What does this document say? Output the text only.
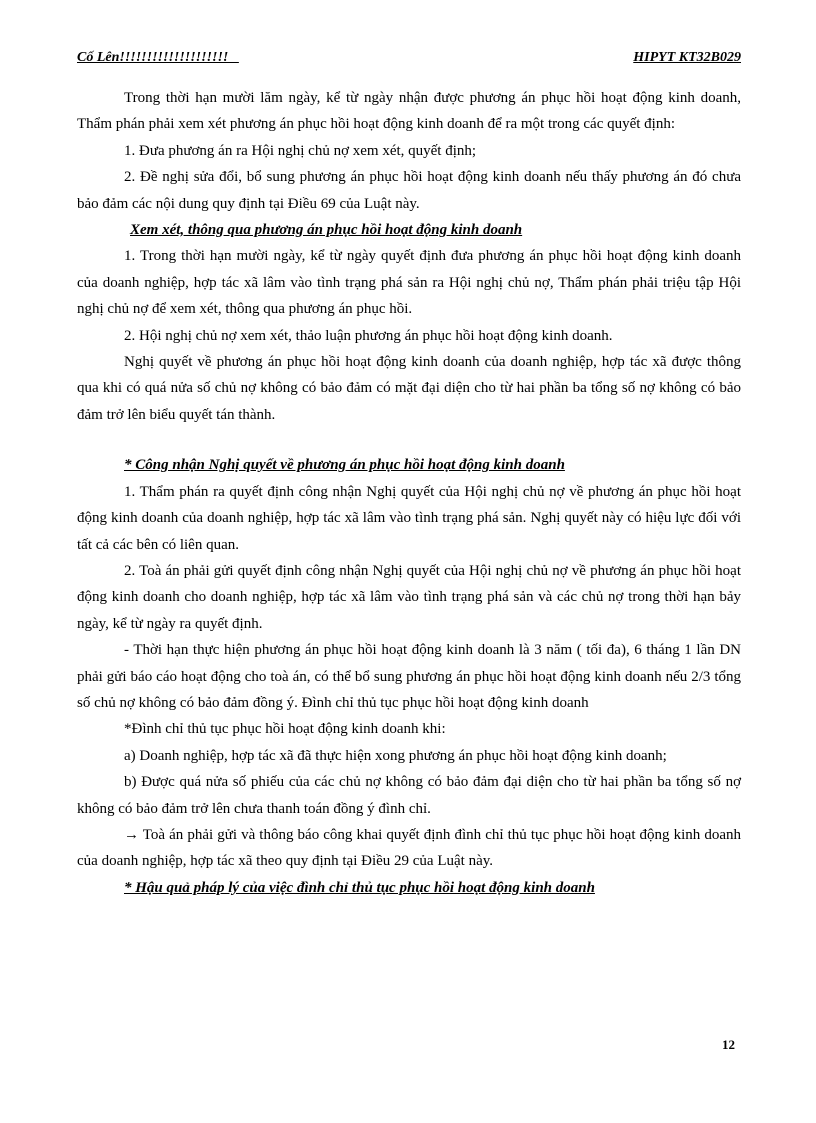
Cố Lên!!!!!!!!!!!!!!!!!!!!	HIPYT KT32B029

Trong thời hạn mười lăm ngày, kể từ ngày nhận được phương án phục hồi hoạt động kinh doanh, Thẩm phán phải xem xét phương án phục hồi hoạt động kinh doanh để ra một trong các quyết định:

1. Đưa phương án ra Hội nghị chủ nợ xem xét, quyết định;

2. Đề nghị sửa đổi, bổ sung phương án phục hồi hoạt động kinh doanh nếu thấy phương án đó chưa bảo đảm các nội dung quy định tại Điều 69 của Luật này.

Xem xét, thông qua phương án phục hồi hoạt động kinh doanh

1. Trong thời hạn mười ngày, kể từ ngày quyết định đưa phương án phục hồi hoạt động kinh doanh của doanh nghiệp, hợp tác xã lâm vào tình trạng phá sản ra Hội nghị chủ nợ, Thẩm phán phải triệu tập Hội nghị chủ nợ để xem xét, thông qua phương án phục hồi.

2. Hội nghị chủ nợ xem xét, thảo luận phương án phục hồi hoạt động kinh doanh.

Nghị quyết về phương án phục hồi hoạt động kinh doanh của doanh nghiệp, hợp tác xã được thông qua khi có quá nửa số chủ nợ không có bảo đảm có mặt đại diện cho từ hai phần ba tổng số nợ không có bảo đảm trở lên biểu quyết tán thành.

* Công nhận Nghị quyết về phương án phục hồi hoạt động kinh doanh

1. Thẩm phán ra quyết định công nhận Nghị quyết của Hội nghị chủ nợ về phương án phục hồi hoạt động kinh doanh của doanh nghiệp, hợp tác xã lâm vào tình trạng phá sản. Nghị quyết này có hiệu lực đối với tất cả các bên có liên quan.

2. Toà án phải gửi quyết định công nhận Nghị quyết của Hội nghị chủ nợ về phương án phục hồi hoạt động kinh doanh cho doanh nghiệp, hợp tác xã lâm vào tình trạng phá sản và các chủ nợ trong thời hạn bảy ngày, kể từ ngày ra quyết định.

- Thời hạn thực hiện phương án phục hồi hoạt động kinh doanh là 3 năm ( tối đa), 6 tháng 1 lần DN phải gửi báo cáo hoạt động cho toà án, có thể bổ sung phương án phục hồi hoạt động kinh doanh nếu 2/3 tổng số chủ nợ không có bảo đảm đồng ý. Đình chỉ thủ tục phục hồi hoạt động kinh doanh

*Đình chỉ thủ tục phục hồi hoạt động kinh doanh khi:

a) Doanh nghiệp, hợp tác xã đã thực hiện xong phương án phục hồi hoạt động kinh doanh;

b) Được quá nửa số phiếu của các chủ nợ không có bảo đảm đại diện cho từ hai phần ba tổng số nợ không có bảo đảm trở lên chưa thanh toán đồng ý đình chỉ.

→ Toà án phải gửi và thông báo công khai quyết định đình chỉ thủ tục phục hồi hoạt động kinh doanh của doanh nghiệp, hợp tác xã theo quy định tại Điều 29 của Luật này.

* Hậu quả pháp lý của việc đình chỉ thủ tục phục hồi hoạt động kinh doanh

12
